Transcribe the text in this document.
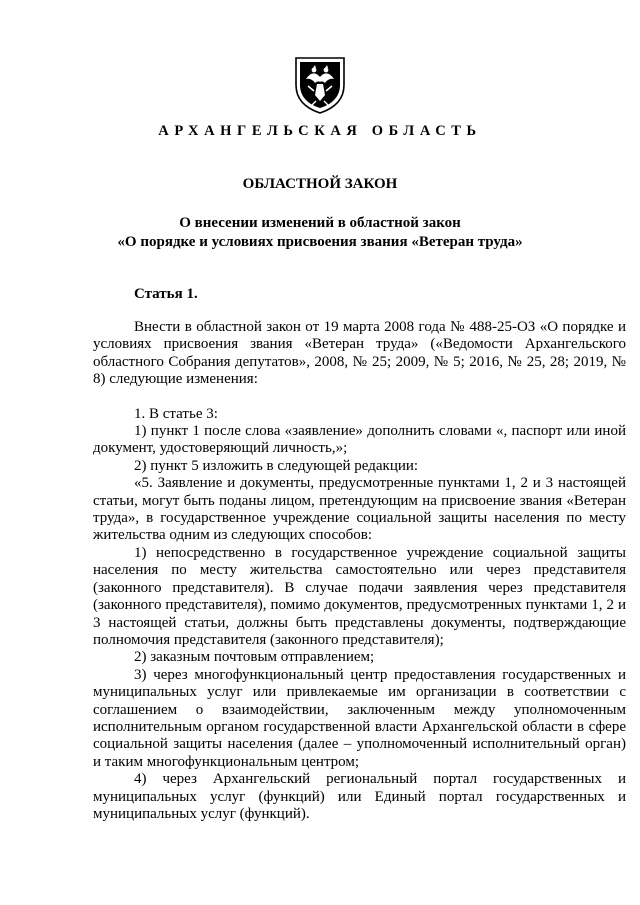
АРХАНГЕЛЬСКАЯ ОБЛАСТЬ
ОБЛАСТНОЙ ЗАКОН
О внесении изменений в областной закон
«О порядке и условиях присвоения звания «Ветеран труда»
Статья 1.

Внести в областной закон от 19 марта 2008 года № 488-25-ОЗ «О порядке и условиях присвоения звания «Ветеран труда» («Ведомости Архангельского областного Собрания депутатов», 2008, № 25; 2009, № 5; 2016, № 25, 28; 2019, № 8) следующие изменения:

1. В статье 3:

1) пункт 1 после слова «заявление» дополнить словами «, паспорт или иной документ, удостоверяющий личность,»;

2) пункт 5 изложить в следующей редакции:

«5. Заявление и документы, предусмотренные пунктами 1, 2 и 3 настоящей статьи, могут быть поданы лицом, претендующим на присвоение звания «Ветеран труда», в государственное учреждение социальной защиты населения по месту жительства одним из следующих способов:

1) непосредственно в государственное учреждение социальной защиты населения по месту жительства самостоятельно или через представителя (законного представителя). В случае подачи заявления через представителя (законного представителя), помимо документов, предусмотренных пунктами 1, 2 и 3 настоящей статьи, должны быть представлены документы, подтверждающие полномочия представителя (законного представителя);

2) заказным почтовым отправлением;

3) через многофункциональный центр предоставления государственных и муниципальных услуг или привлекаемые им организации в соответствии с соглашением о взаимодействии, заключенным между уполномоченным исполнительным органом государственной власти Архангельской области в сфере социальной защиты населения (далее – уполномоченный исполнительный орган) и таким многофункциональным центром;

4) через Архангельский региональный портал государственных и муниципальных услуг (функций) или Единый портал государственных и муниципальных услуг (функций).
